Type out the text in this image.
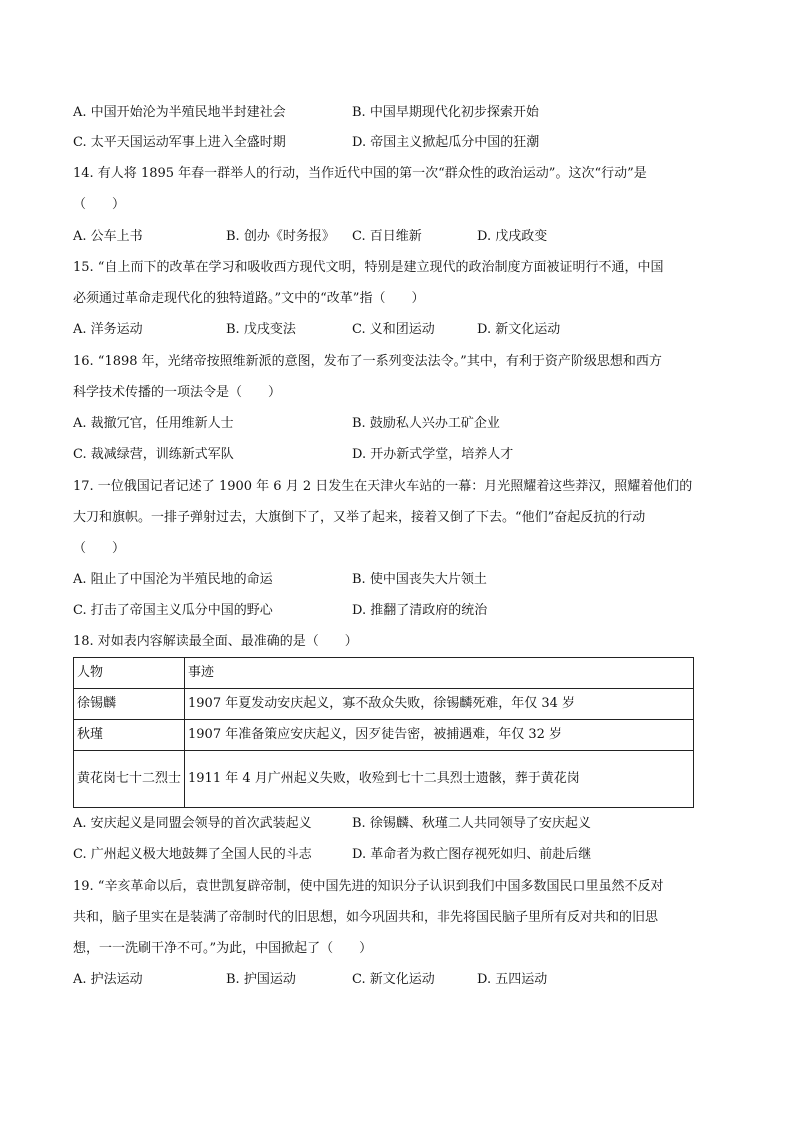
A. 中国开始沦为半殖民地半封建社会	B. 中国早期现代化初步探索开始
C. 太平天国运动军事上进入全盛时期	D. 帝国主义掀起瓜分中国的狂潮
14. 有人将 1895 年春一群举人的行动，当作近代中国的第一次“群众性的政治运动”。这次“行动”是
（　　）
A. 公车上书	B. 创办《时务报》 C. 百日维新	D. 戊戌政变
15. “自上而下的改革在学习和吸收西方现代文明，特别是建立现代的政治制度方面被证明行不通，中国
必须通过革命走现代化的独特道路。”文中的“改革”指（　　）
A. 洋务运动	B. 戊戌变法	C. 义和团运动	D. 新文化运动
16. “1898 年，光绪帝按照维新派的意图，发布了一系列变法法令。”其中，有利于资产阶级思想和西方
科学技术传播的一项法令是（　　）
A. 裁撤冗官，任用维新人士	B. 鼓励私人兴办工矿企业
C. 裁减绿营，训练新式军队	D. 开办新式学堂，培养人才
17. 一位俄国记者记述了 1900 年 6 月 2 日发生在天津火车站的一幕：月光照耀着这些莽汉，照耀着他们的
大刀和旗帜。一排子弹射过去，大旗倒下了，又举了起来，接着又倒了下去。“他们”奋起反抗的行动
（　　）
A. 阻止了中国沦为半殖民地的命运	B. 使中国丧失大片领土
C. 打击了帝国主义瓜分中国的野心	D. 推翻了清政府的统治
18. 对如表内容解读最全面、最准确的是（　　）
人物	事迹
徐锡麟	1907 年夏发动安庆起义，寡不敌众失败，徐锡麟死难，年仅 34 岁
秋瑾	1907 年准备策应安庆起义，因歹徒告密，被捕遇难，年仅 32 岁
黄花岗七十二烈士	1911 年 4 月广州起义失败，收殓到七十二具烈士遗骸，葬于黄花岗
A. 安庆起义是同盟会领导的首次武装起义	B. 徐锡麟、秋瑾二人共同领导了安庆起义
C. 广州起义极大地鼓舞了全国人民的斗志	D. 革命者为救亡图存视死如归、前赴后继
19. “辛亥革命以后，袁世凯复辟帝制，使中国先进的知识分子认识到我们中国多数国民口里虽然不反对
共和，脑子里实在是装满了帝制时代的旧思想，如今巩固共和，非先将国民脑子里所有反对共和的旧思
想，一一洗刷干净不可。”为此，中国掀起了（　　）
A. 护法运动	B. 护国运动	C. 新文化运动	D. 五四运动
